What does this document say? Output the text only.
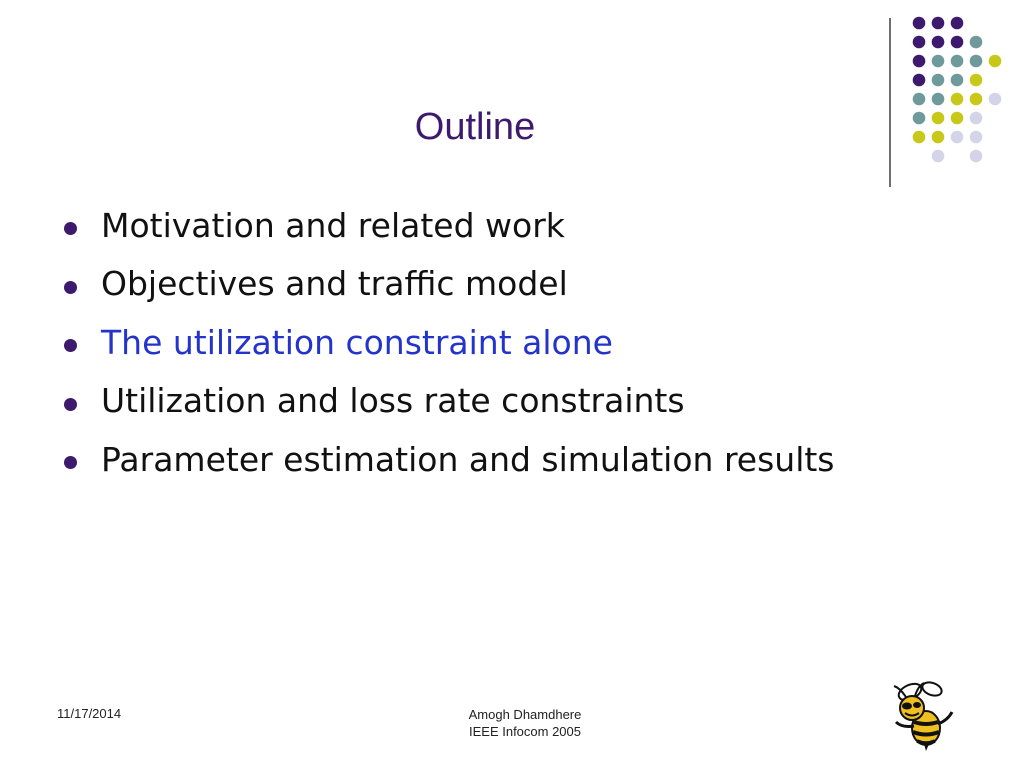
Outline
Motivation and related work
Objectives and traffic model
The utilization constraint alone
Utilization and loss rate constraints
Parameter estimation and simulation results
11/17/2014	Amogh Dhamdhere
IEEE Infocom 2005
